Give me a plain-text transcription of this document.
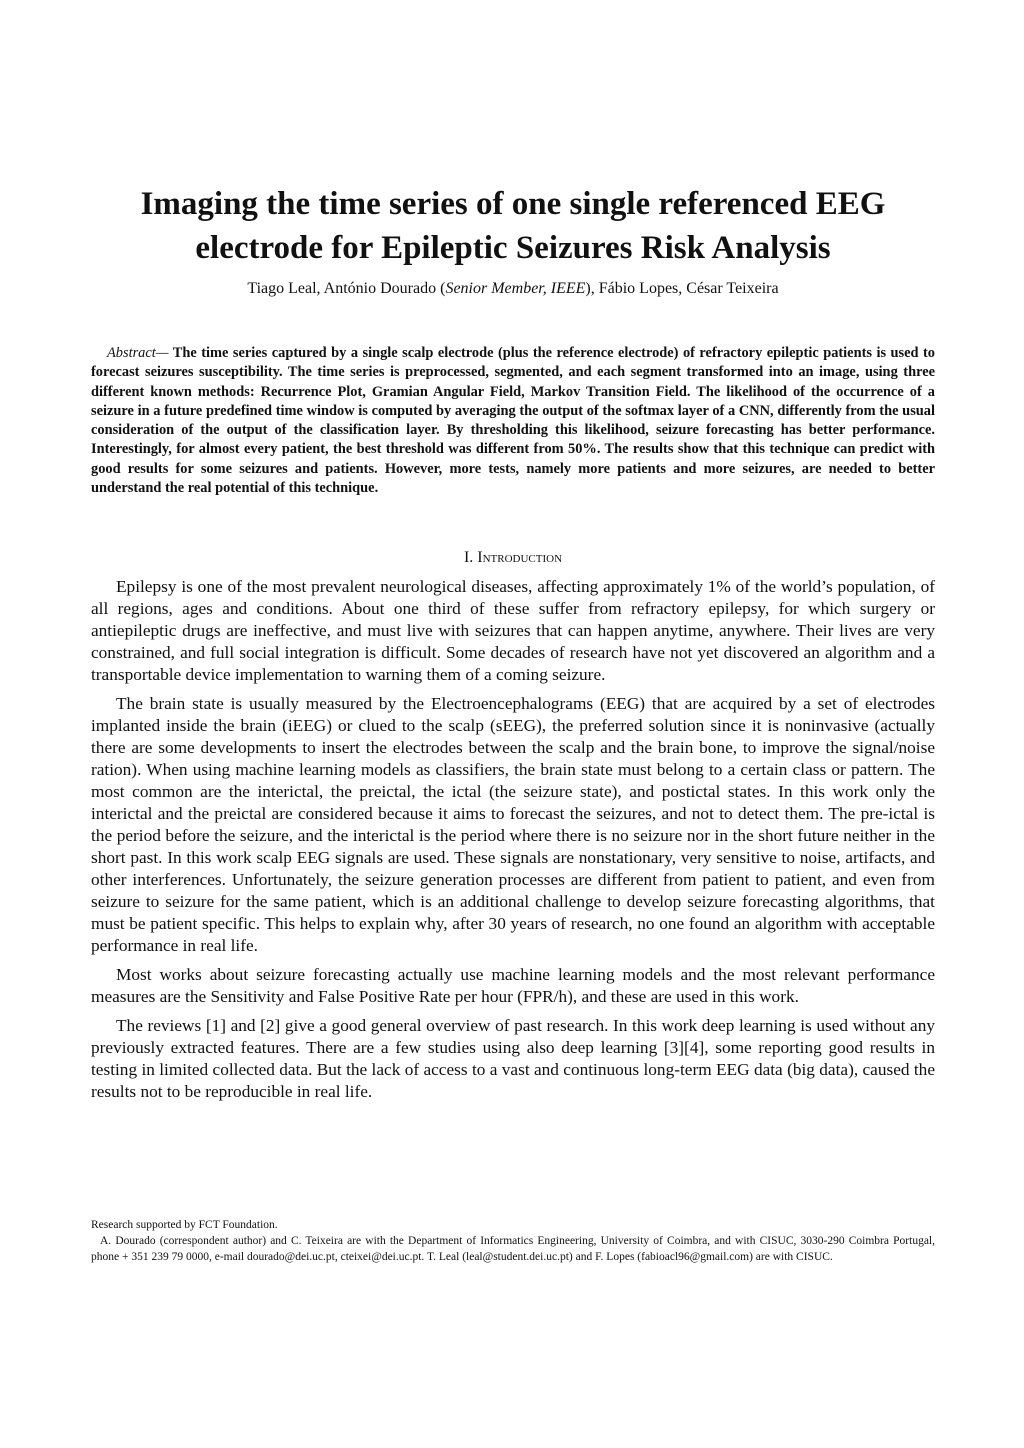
Imaging the time series of one single referenced EEG electrode for Epileptic Seizures Risk Analysis
Tiago Leal, António Dourado (Senior Member, IEEE), Fábio Lopes, César Teixeira

Abstract— The time series captured by a single scalp electrode (plus the reference electrode) of refractory epileptic patients is used to forecast seizures susceptibility. The time series is preprocessed, segmented, and each segment transformed into an image, using three different known methods: Recurrence Plot, Gramian Angular Field, Markov Transition Field. The likelihood of the occurrence of a seizure in a future predefined time window is computed by averaging the output of the softmax layer of a CNN, differently from the usual consideration of the output of the classification layer. By thresholding this likelihood, seizure forecasting has better performance. Interestingly, for almost every patient, the best threshold was different from 50%. The results show that this technique can predict with good results for some seizures and patients. However, more tests, namely more patients and more seizures, are needed to better understand the real potential of this technique.

I. Introduction

Epilepsy is one of the most prevalent neurological diseases, affecting approximately 1% of the world’s population, of all regions, ages and conditions. About one third of these suffer from refractory epilepsy, for which surgery or antiepileptic drugs are ineffective, and must live with seizures that can happen anytime, anywhere. Their lives are very constrained, and full social integration is difficult. Some decades of research have not yet discovered an algorithm and a transportable device implementation to warning them of a coming seizure.

The brain state is usually measured by the Electroencephalograms (EEG) that are acquired by a set of electrodes implanted inside the brain (iEEG) or clued to the scalp (sEEG), the preferred solution since it is noninvasive (actually there are some developments to insert the electrodes between the scalp and the brain bone, to improve the signal/noise ration). When using machine learning models as classifiers, the brain state must belong to a certain class or pattern. The most common are the interictal, the preictal, the ictal (the seizure state), and postictal states. In this work only the interictal and the preictal are considered because it aims to forecast the seizures, and not to detect them. The pre-ictal is the period before the seizure, and the interictal is the period where there is no seizure nor in the short future neither in the short past. In this work scalp EEG signals are used. These signals are nonstationary, very sensitive to noise, artifacts, and other interferences. Unfortunately, the seizure generation processes are different from patient to patient, and even from seizure to seizure for the same patient, which is an additional challenge to develop seizure forecasting algorithms, that must be patient specific. This helps to explain why, after 30 years of research, no one found an algorithm with acceptable performance in real life.

Most works about seizure forecasting actually use machine learning models and the most relevant performance measures are the Sensitivity and False Positive Rate per hour (FPR/h), and these are used in this work.

The reviews [1] and [2] give a good general overview of past research. In this work deep learning is used without any previously extracted features. There are a few studies using also deep learning [3][4], some reporting good results in testing in limited collected data. But the lack of access to a vast and continuous long-term EEG data (big data), caused the results not to be reproducible in real life.

Research supported by FCT Foundation.

A. Dourado (correspondent author) and C. Teixeira are with the Department of Informatics Engineering, University of Coimbra, and with CISUC, 3030-290 Coimbra Portugal, phone + 351 239 79 0000, e-mail dourado@dei.uc.pt, cteixei@dei.uc.pt. T. Leal (leal@student.dei.uc.pt) and F. Lopes (fabioacl96@gmail.com) are with CISUC.
